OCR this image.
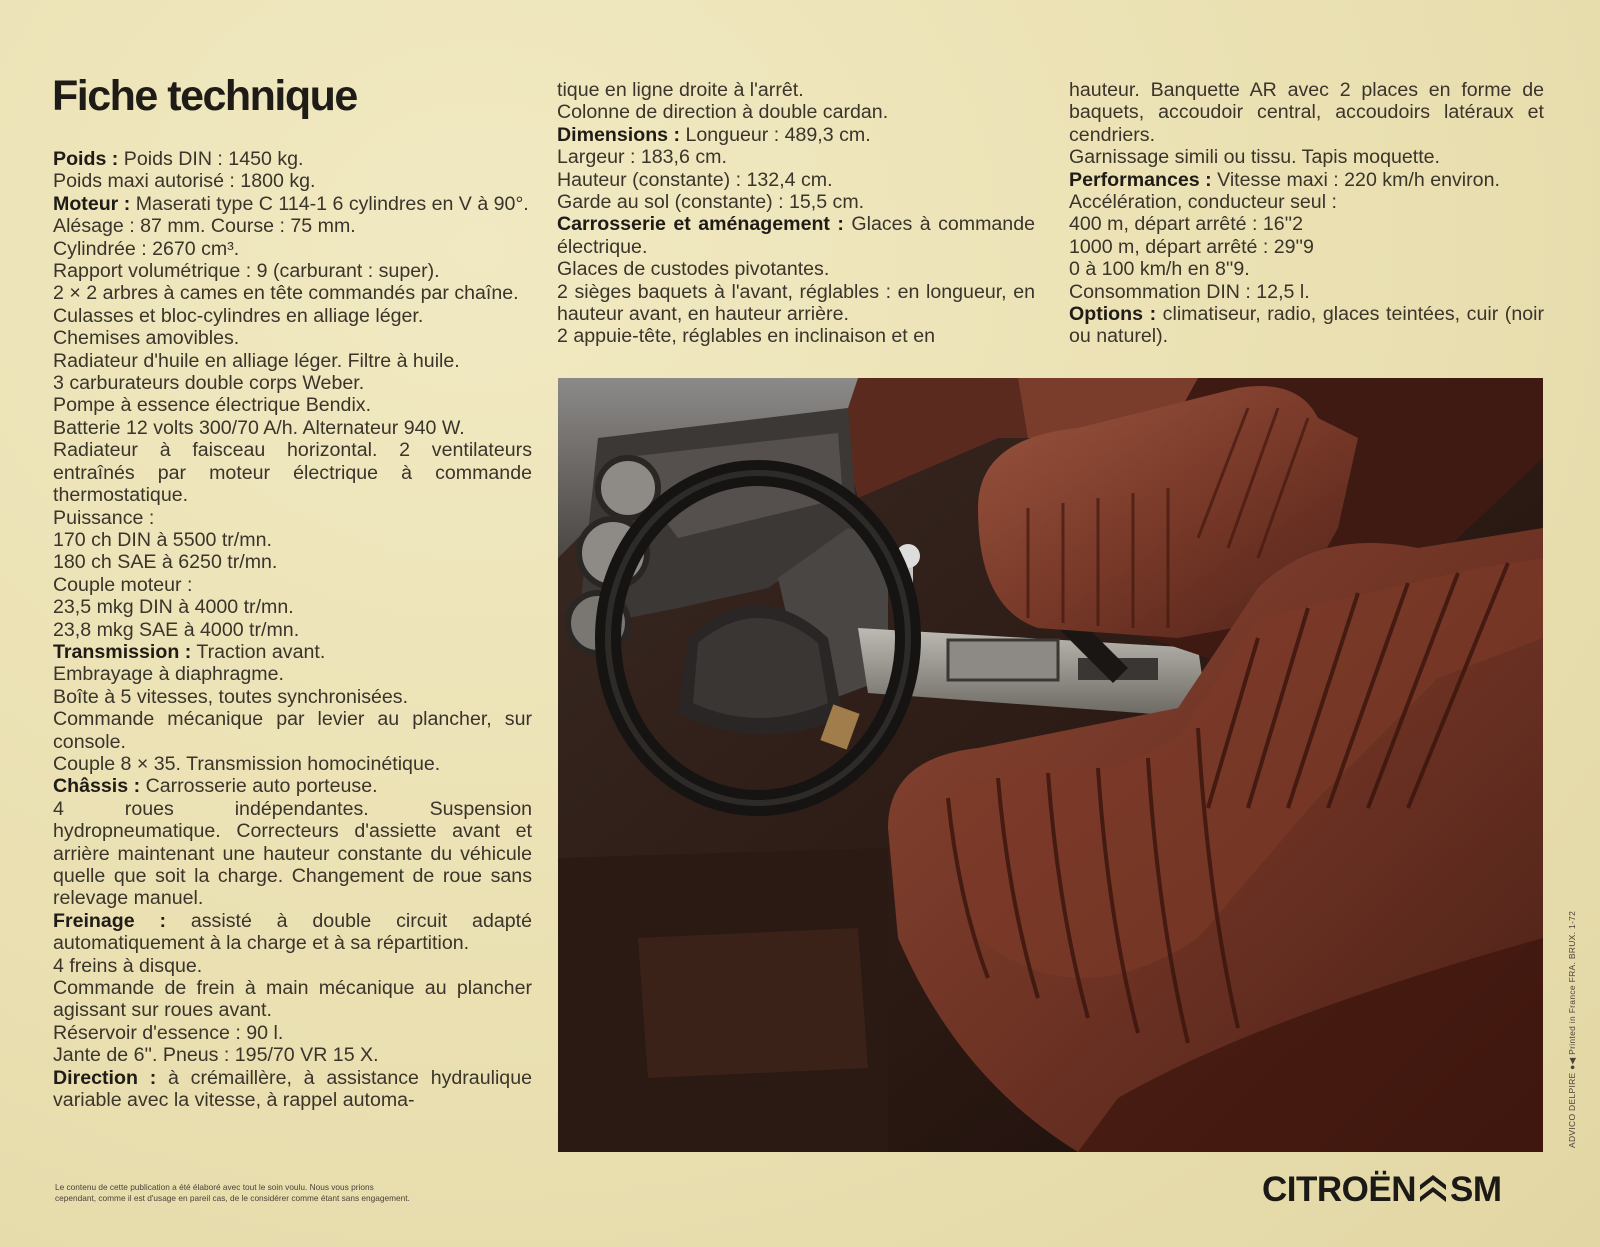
Fiche technique

Poids : Poids DIN : 1450 kg.

Poids maxi autorisé : 1800 kg.

Moteur : Maserati type C 114-1 6 cylindres en V à 90°.

Alésage : 87 mm. Course : 75 mm.

Cylindrée : 2670 cm³.

Rapport volumétrique : 9 (carburant : super).

2 × 2 arbres à cames en tête commandés par chaîne.

Culasses et bloc-cylindres en alliage léger.

Chemises amovibles.

Radiateur d'huile en alliage léger. Filtre à huile.

3 carburateurs double corps Weber.

Pompe à essence électrique Bendix.

Batterie 12 volts 300/70 A/h. Alternateur 940 W.

Radiateur à faisceau horizontal. 2 ventilateurs entraînés par moteur électrique à commande thermostatique.

Puissance :

170 ch DIN à 5500 tr/mn.

180 ch SAE à 6250 tr/mn.

Couple moteur :

23,5 mkg DIN à 4000 tr/mn.

23,8 mkg SAE à 4000 tr/mn.

Transmission : Traction avant.

Embrayage à diaphragme.

Boîte à 5 vitesses, toutes synchronisées.

Commande mécanique par levier au plancher, sur console.

Couple 8 × 35. Transmission homocinétique.

Châssis : Carrosserie auto porteuse.

4 roues indépendantes. Suspension hydropneumatique. Correcteurs d'assiette avant et arrière maintenant une hauteur constante du véhicule quelle que soit la charge. Changement de roue sans relevage manuel.

Freinage : assisté à double circuit adapté automatiquement à la charge et à sa répartition.

4 freins à disque.

Commande de frein à main mécanique au plancher agissant sur roues avant.

Réservoir d'essence : 90 l.

Jante de 6''. Pneus : 195/70 VR 15 X.

Direction : à crémaillère, à assistance hydraulique variable avec la vitesse, à rappel automa-

tique en ligne droite à l'arrêt.

Colonne de direction à double cardan.

Dimensions : Longueur : 489,3 cm.

Largeur : 183,6 cm.

Hauteur (constante) : 132,4 cm.

Garde au sol (constante) : 15,5 cm.

Carrosserie et aménagement : Glaces à commande électrique.

Glaces de custodes pivotantes.

2 sièges baquets à l'avant, réglables : en longueur, en hauteur avant, en hauteur arrière.

2 appuie-tête, réglables en inclinaison et en

hauteur. Banquette AR avec 2 places en forme de baquets, accoudoir central, accoudoirs latéraux et cendriers.

Garnissage simili ou tissu. Tapis moquette.

Performances : Vitesse maxi : 220 km/h environ.

Accélération, conducteur seul :

400 m, départ arrêté : 16''2

1000 m, départ arrêté : 29''9

0 à 100 km/h en 8''9.

Consommation DIN : 12,5 l.

Options : climatiseur, radio, glaces teintées, cuir (noir ou naturel).

Le contenu de cette publication a été élaboré avec tout le soin voulu. Nous vous prions

cependant, comme il est d'usage en pareil cas, de le considérer comme étant sans engagement.

ADVICO DELPIRE ●◀ Printed in France FRA. BRUX. 1-72
CITROËN SM
